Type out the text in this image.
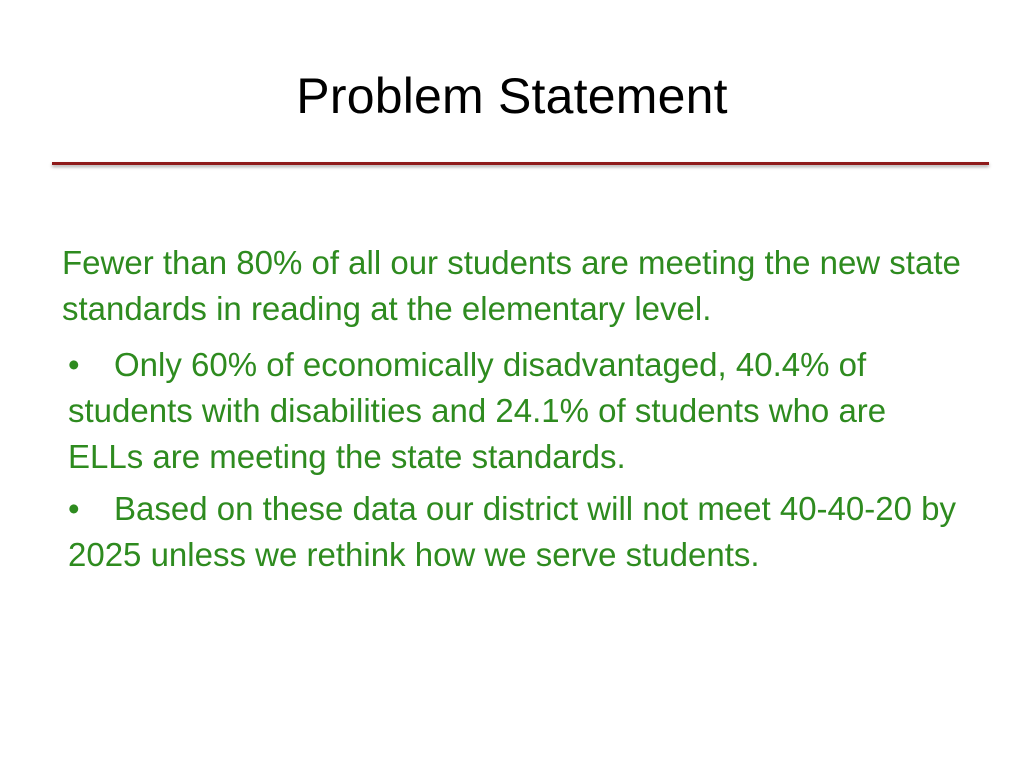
Problem Statement

Fewer than 80% of all our students are meeting the new state standards in reading at the elementary level.

• Only 60% of economically disadvantaged, 40.4% of students with disabilities and 24.1% of students who are ELLs are meeting the state standards.
• Based on these data our district will not meet 40-40-20 by 2025 unless we rethink how we serve students.
